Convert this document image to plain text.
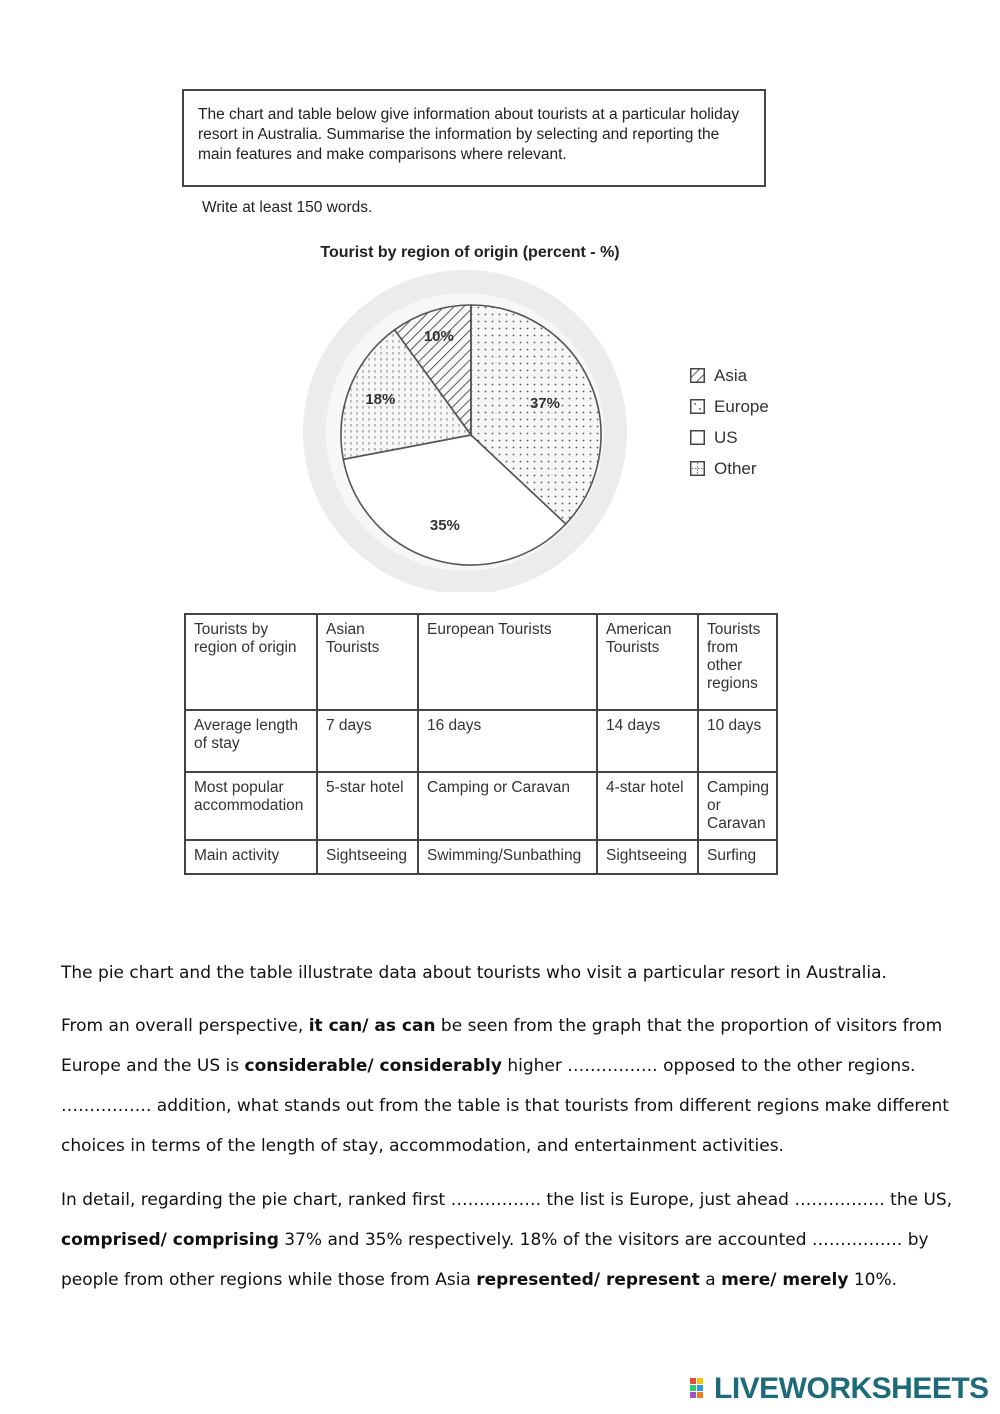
The chart and table below give information about tourists at a particular holiday resort in Australia. Summarise the information by selecting and reporting the main features and make comparisons where relevant.
Write at least 150 words.
Tourist by region of origin (percent - %)
37%
35%
18%
10%
Asia
Europe
US
Other
Tourists by region of origin	Asian Tourists	European Tourists	American Tourists	Tourists from other regions
Average length of stay	7 days	16 days	14 days	10 days
Most popular accommodation	5-star hotel	Camping or Caravan	4-star hotel	Camping or Caravan
Main activity	Sightseeing	Swimming/Sunbathing	Sightseeing	Surfing
The pie chart and the table illustrate data about tourists who visit a particular resort in Australia.
From an overall perspective, it can/ as can be seen from the graph that the proportion of visitors from Europe and the US is considerable/ considerably higher ……………. opposed to the other regions. ……………. addition, what stands out from the table is that tourists from different regions make different choices in terms of the length of stay, accommodation, and entertainment activities.
In detail, regarding the pie chart, ranked first ……………. the list is Europe, just ahead ……………. the US, comprised/ comprising 37% and 35% respectively. 18% of the visitors are accounted ……………. by people from other regions while those from Asia represented/ represent a mere/ merely 10%.
LIVEWORKSHEETS
